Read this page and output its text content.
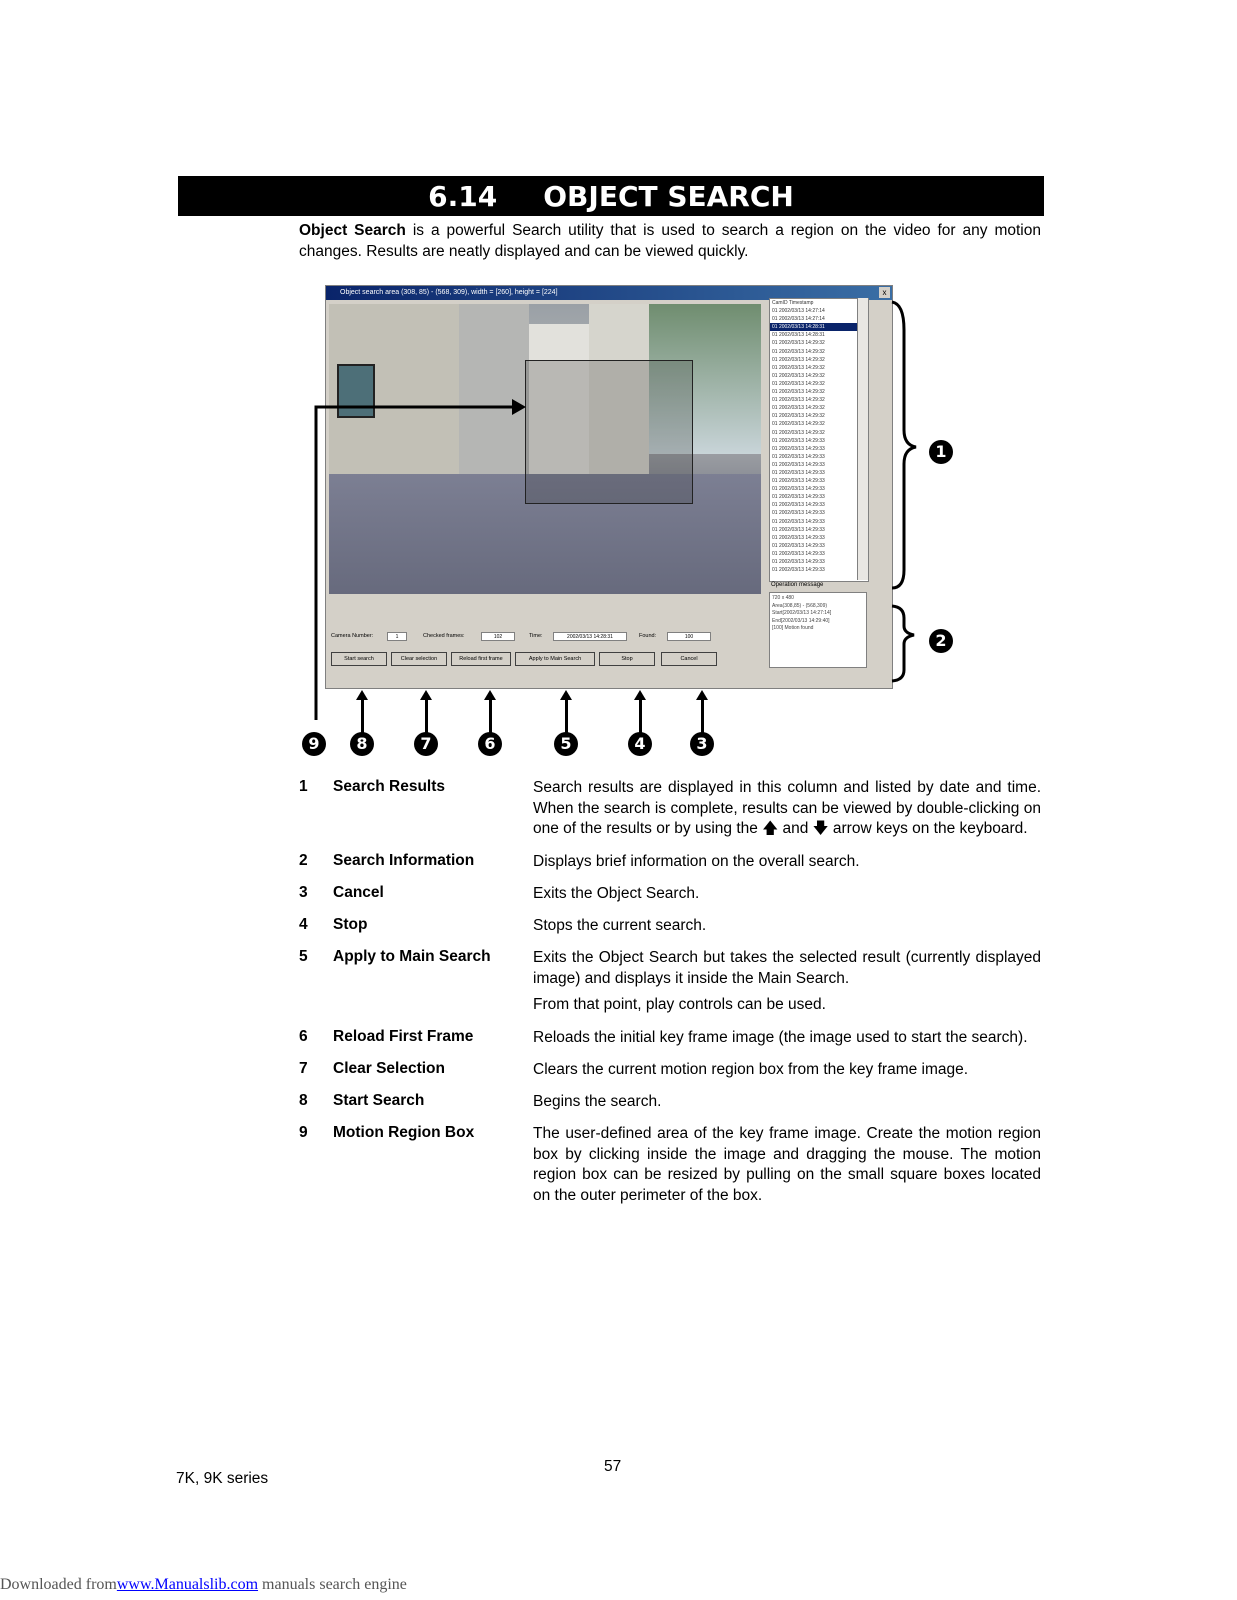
6.14 OBJECT SEARCH
Object Search is a powerful Search utility that is used to search a region on the video for any motion changes. Results are neatly displayed and can be viewed quickly.
Object search area (308, 85) - (568, 309), width = [260], height = [224]	x
CamID Timestamp
01 2002/03/13 14:27:14
01 2002/03/13 14:27:14
01 2002/03/13 14:28:31
01 2002/03/13 14:28:31
01 2002/03/13 14:29:32
01 2002/03/13 14:29:32
01 2002/03/13 14:29:32
01 2002/03/13 14:29:32
01 2002/03/13 14:29:32
01 2002/03/13 14:29:32
01 2002/03/13 14:29:32
01 2002/03/13 14:29:32
01 2002/03/13 14:29:32
01 2002/03/13 14:29:32
01 2002/03/13 14:29:32
01 2002/03/13 14:29:32
01 2002/03/13 14:29:33
01 2002/03/13 14:29:33
01 2002/03/13 14:29:33
01 2002/03/13 14:29:33
01 2002/03/13 14:29:33
01 2002/03/13 14:29:33
01 2002/03/13 14:29:33
01 2002/03/13 14:29:33
01 2002/03/13 14:29:33
01 2002/03/13 14:29:33
01 2002/03/13 14:29:33
01 2002/03/13 14:29:33
01 2002/03/13 14:29:33
01 2002/03/13 14:29:33
01 2002/03/13 14:29:33
01 2002/03/13 14:29:33
01 2002/03/13 14:29:33
Operation message
720 x 480
Area(308,85) - (568,309)
Start[2002/03/13 14:27:14]
End[2002/03/13 14:29:40]
[100] Motion found
Camera Number:	1	Checked frames:	102	Time:	2002/03/13 14:28:31	Found:	100
Start search	Clear selection	Reload first frame	Apply to Main Search	Stop	Cancel
1
2
3
4
5
6
7
8
9
1 Search Results	Search results are displayed in this column and listed by date and time. When the search is complete, results can be viewed by double-clicking on one of the results or by using the 🡅 and 🡇 arrow keys on the keyboard.
2 Search Information	Displays brief information on the overall search.
3 Cancel	Exits the Object Search.
4 Stop	Stops the current search.
5 Apply to Main Search	Exits the Object Search but takes the selected result (currently displayed image) and displays it inside the Main Search.
From that point, play controls can be used.
6 Reload First Frame	Reloads the initial key frame image (the image used to start the search).
7 Clear Selection	Clears the current motion region box from the key frame image.
8 Start Search	Begins the search.
9 Motion Region Box	The user-defined area of the key frame image. Create the motion region box by clicking inside the image and dragging the mouse. The motion region box can be resized by pulling on the small square boxes located on the outer perimeter of the box.
57
7K, 9K series
Downloaded fromwww.Manualslib.com manuals search engine
